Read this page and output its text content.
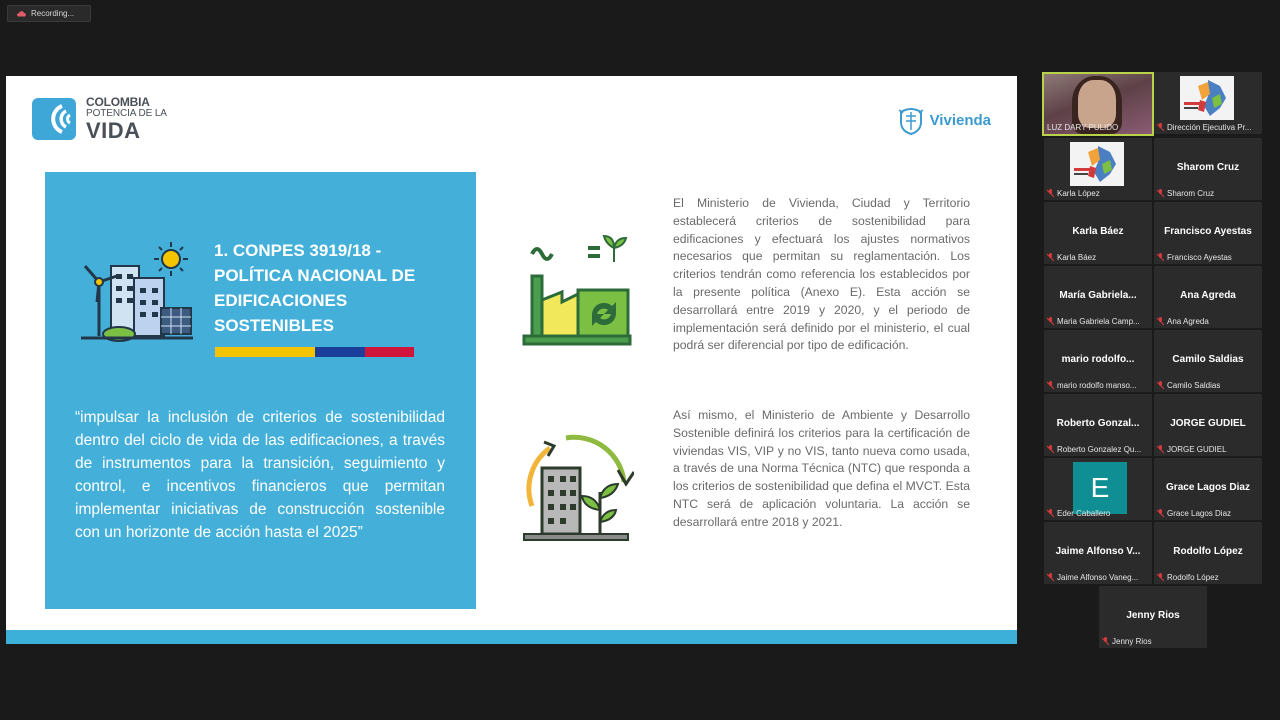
Recording...
COLOMBIA
POTENCIA DE LA
VIDA	Vivienda
1. CONPES 3919/18 - POLÍTICA NACIONAL DE EDIFICACIONES SOSTENIBLES
“impulsar la inclusión de criterios de sostenibilidad dentro del ciclo de vida de las edificaciones, a través de instrumentos para la transición, seguimiento y control, e incentivos financieros que permitan implementar iniciativas de construcción sostenible con un horizonte de acción hasta el 2025”
El Ministerio de Vivienda, Ciudad y Territorio establecerá criterios de sostenibilidad para edificaciones y efectuará los ajustes normativos necesarios que permitan su reglamentación. Los criterios tendrán como referencia los establecidos por la presente política (Anexo E). Esta acción se desarrollará entre 2019 y 2020, y el periodo de implementación será definido por el ministerio, el cual podrá ser diferencial por tipo de edificación.
Así mismo, el Ministerio de Ambiente y Desarrollo Sostenible definirá los criterios para la certificación de viviendas VIS, VIP y no VIS, tanto nueva como usada, a través de una Norma Técnica (NTC) que responda a los criterios de sostenibilidad que defina el MVCT. Esta NTC será de aplicación voluntaria. La acción se desarrollará entre 2018 y 2021.
LUZ DARY PULIDO	Dirección Ejecutiva Pr...
Karla López
Sharom Cruz
Sharom Cruz
Karla Báez
Karla Báez
Francisco Ayestas
Francisco Ayestas
María Gabriela...
Maria Gabriela Camp...
Ana Agreda
Ana Agreda
mario rodolfo...
mario rodolfo manso...
Camilo Saldias
Camilo Saldias
Roberto Gonzal...
Roberto Gonzalez Qu...
JORGE GUDIEL
JORGE GUDIEL
E
Eder Caballero
Grace Lagos Diaz
Grace Lagos Diaz
Jaime Alfonso V...
Jaime Alfonso Vaneg...
Rodolfo López
Rodolfo López
Jenny Rios
Jenny Rios
